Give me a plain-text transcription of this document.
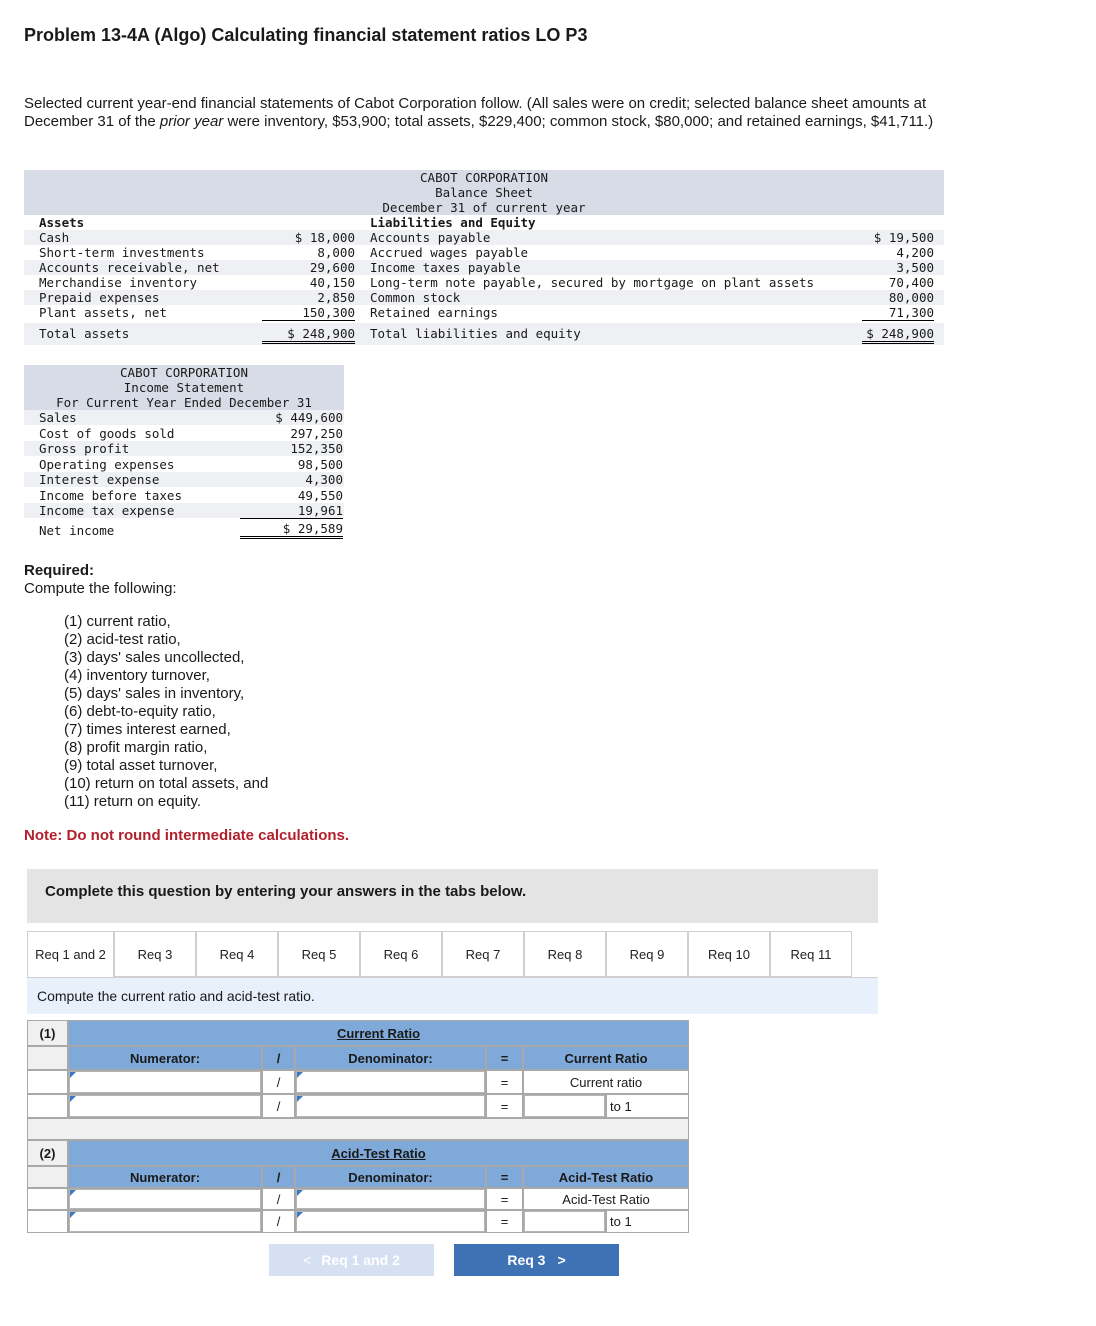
Problem 13-4A (Algo) Calculating financial statement ratios LO P3
Selected current year-end financial statements of Cabot Corporation follow. (All sales were on credit; selected balance sheet amounts at December 31 of the prior year were inventory, $53,900; total assets, $229,400; common stock, $80,000; and retained earnings, $41,711.)
CABOT CORPORATION
Balance Sheet
December 31 of current year
Assets	Liabilities and Equity
Cash	$ 18,000 Accounts payable	$ 19,500
Short-term investments	8,000 Accrued wages payable	4,200
Accounts receivable, net	29,600 Income taxes payable	3,500
Merchandise inventory	40,150 Long-term note payable, secured by mortgage on plant assets	70,400
Prepaid expenses	2,850 Common stock	80,000
Plant assets, net	150,300 Retained earnings	71,300
Total assets	$ 248,900 Total liabilities and equity	$ 248,900
CABOT CORPORATION
Income Statement
For Current Year Ended December 31
Sales	$ 449,600
Cost of goods sold	297,250
Gross profit	152,350
Operating expenses	98,500
Interest expense	4,300
Income before taxes	49,550
Income tax expense	19,961
Net income	$ 29,589
Required:
Compute the following:
(1) current ratio,
(2) acid-test ratio,
(3) days' sales uncollected,
(4) inventory turnover,
(5) days' sales in inventory,
(6) debt-to-equity ratio,
(7) times interest earned,
(8) profit margin ratio,
(9) total asset turnover,
(10) return on total assets, and
(11) return on equity.
Note: Do not round intermediate calculations.
Complete this question by entering your answers in the tabs below.
Req 1 and 2	Req 3	Req 4	Req 5	Req 6	Req 7	Req 8	Req 9	Req 10	Req 11
Compute the current ratio and acid-test ratio.
(1)	Current Ratio
Numerator:	/	Denominator:	=	Current Ratio
/	=	Current ratio
/	=	to 1
(2)	Acid-Test Ratio
Numerator:	/	Denominator:	=	Acid-Test Ratio
/	=	Acid-Test Ratio
/	=	to 1
< Req 1 and 2	Req 3 >
